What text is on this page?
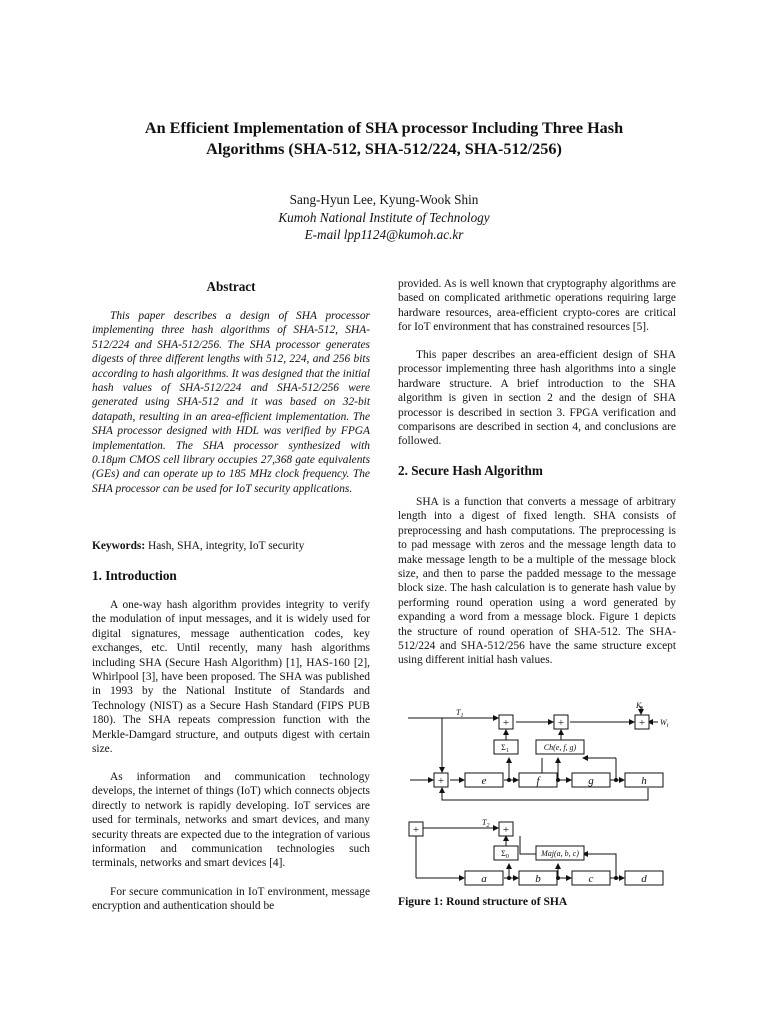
An Efficient Implementation of SHA processor Including Three Hash
Algorithms (SHA-512, SHA-512/224, SHA-512/256)
Sang-Hyun Lee, Kyung-Wook Shin
Kumoh National Institute of Technology
E-mail lpp1124@kumoh.ac.kr
Abstract

This paper describes a design of SHA processor implementing three hash algorithms of SHA-512, SHA-512/224 and SHA-512/256. The SHA processor generates digests of three different lengths with 512, 224, and 256 bits according to hash algorithms. It was designed that the initial hash values of SHA-512/224 and SHA-512/256 were generated using SHA-512 and it was based on 32-bit datapath, resulting in an area-efficient implementation. The SHA processor designed with HDL was verified by FPGA implementation. The SHA processor synthesized with 0.18μm CMOS cell library occupies 27,368 gate equivalents (GEs) and can operate up to 185 MHz clock frequency. The SHA processor can be used for IoT security applications.

Keywords: Hash, SHA, integrity, IoT security

1. Introduction

A one-way hash algorithm provides integrity to verify the modulation of input messages, and it is widely used for digital signatures, message authentication codes, key exchanges, etc. Until recently, many hash algorithms including SHA (Secure Hash Algorithm) [1], HAS-160 [2], Whirlpool [3], have been proposed. The SHA was published in 1993 by the National Institute of Standards and Technology (NIST) as a Secure Hash Standard (FIPS PUB 180). The SHA repeats compression function with the Merkle-Damgard structure, and outputs digest with certain size.

As information and communication technology develops, the internet of things (IoT) which connects objects directly to network is rapidly developing. IoT services are used for terminals, networks and smart devices, and many security threats are expected due to the integration of various information and communication technologies such terminals, networks and smart devices [4].

For secure communication in IoT environment, message encryption and authentication should be

provided. As is well known that cryptography algorithms are based on complicated arithmetic operations requiring large hardware resources, area-efficient crypto-cores are critical for IoT environment that has constrained resources [5].

This paper describes an area-efficient design of SHA processor implementing three hash algorithms into a single hardware structure. A brief introduction to the SHA algorithm is given in section 2 and the design of SHA processor is described in section 3. FPGA verification and comparisons are described in section 4, and conclusions are followed.

2. Secure Hash Algorithm

SHA is a function that converts a message of arbitrary length into a digest of fixed length. SHA consists of preprocessing and hash computations. The preprocessing is to pad message with zeros and the message length data to make message length to be a multiple of the message block size, and then to parse the padded message to the message block size. The hash calculation is to generate hash value by performing round operation using a word generated by expanding a word from a message block. Figure 1 depicts the structure of round operation of SHA-512. The SHA-512/224 and SHA-512/256 have the same structure except using different initial hash values.

+	+	+
+
+	+
$\Sigma_1$	Ch(e, f, g)
$\Sigma_0$	Maj(a, b, c)
e	f	g	h
a	b	c	d
$T_1$
$K_t$
$W_t$
$T_2$
Figure 1: Round structure of SHA
